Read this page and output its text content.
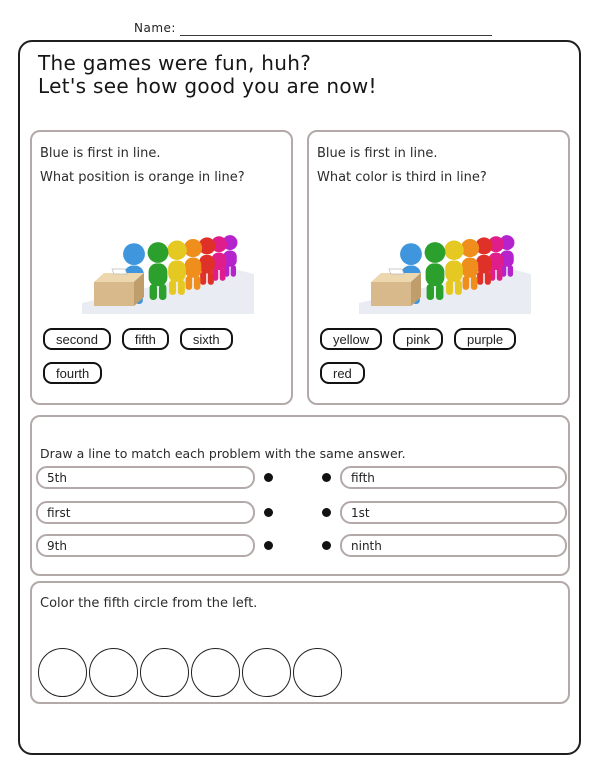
Name:
The games were fun, huh?
Let's see how good you are now!
Blue is first in line.
What position is orange in line?
second	fifth	sixth
fourth
Blue is first in line.
What color is third in line?
yellow	pink	purple
red
Draw a line to match each problem with the same answer.
5th	fifth
first	1st
9th	ninth
Color the fifth circle from the left.
